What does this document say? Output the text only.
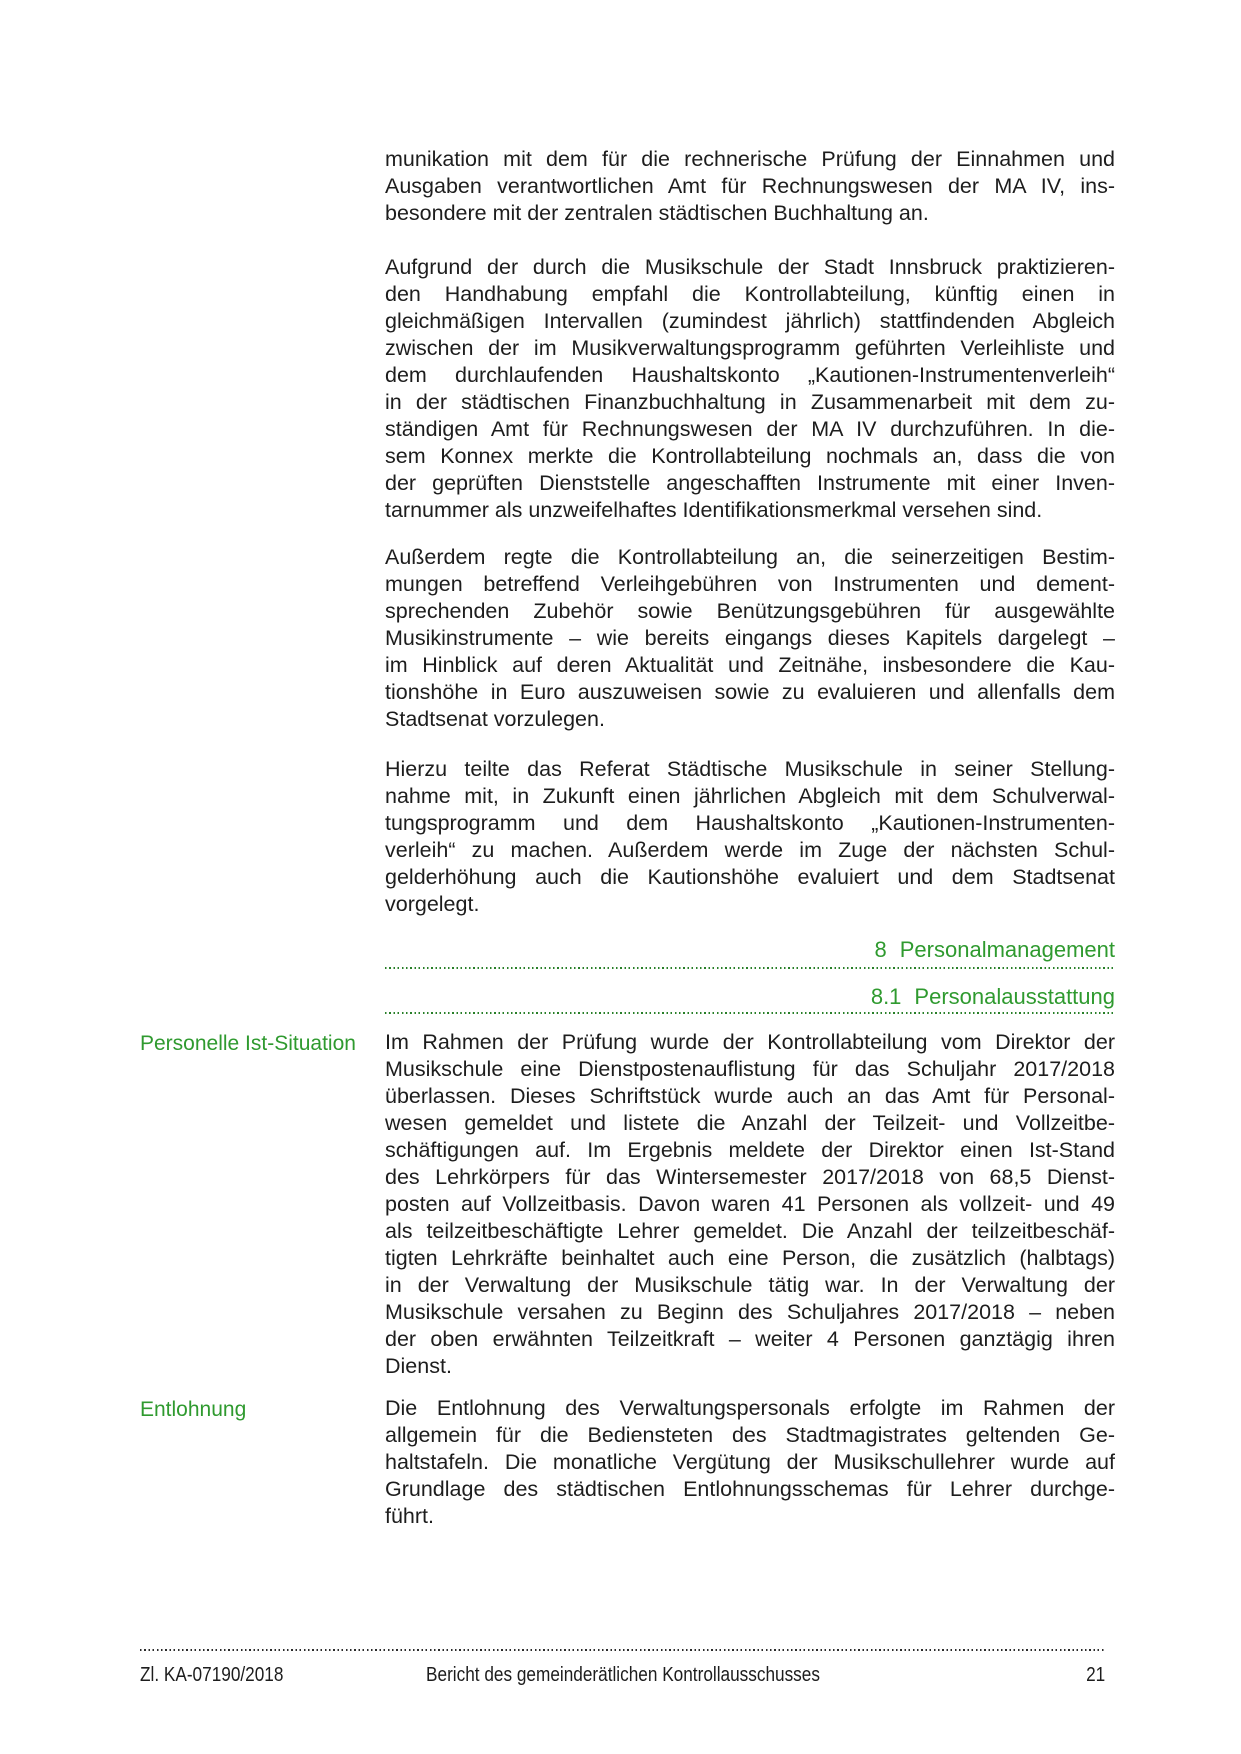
munikation mit dem für die rechnerische Prüfung der Einnahmen und
Ausgaben verantwortlichen Amt für Rechnungswesen der MA IV, ins-
besondere mit der zentralen städtischen Buchhaltung an.
Aufgrund der durch die Musikschule der Stadt Innsbruck praktizieren-
den Handhabung empfahl die Kontrollabteilung, künftig einen in
gleichmäßigen Intervallen (zumindest jährlich) stattfindenden Abgleich
zwischen der im Musikverwaltungsprogramm geführten Verleihliste und
dem durchlaufenden Haushaltskonto „Kautionen-Instrumentenverleih“
in der städtischen Finanzbuchhaltung in Zusammenarbeit mit dem zu-
ständigen Amt für Rechnungswesen der MA IV durchzuführen. In die-
sem Konnex merkte die Kontrollabteilung nochmals an, dass die von
der geprüften Dienststelle angeschafften Instrumente mit einer Inven-
tarnummer als unzweifelhaftes Identifikationsmerkmal versehen sind.
Außerdem regte die Kontrollabteilung an, die seinerzeitigen Bestim-
mungen betreffend Verleihgebühren von Instrumenten und dement-
sprechenden Zubehör sowie Benützungsgebühren für ausgewählte
Musikinstrumente – wie bereits eingangs dieses Kapitels dargelegt –
im Hinblick auf deren Aktualität und Zeitnähe, insbesondere die Kau-
tionshöhe in Euro auszuweisen sowie zu evaluieren und allenfalls dem
Stadtsenat vorzulegen.
Hierzu teilte das Referat Städtische Musikschule in seiner Stellung-
nahme mit, in Zukunft einen jährlichen Abgleich mit dem Schulverwal-
tungsprogramm und dem Haushaltskonto „Kautionen-Instrumenten-
verleih“ zu machen. Außerdem werde im Zuge der nächsten Schul-
gelderhöhung auch die Kautionshöhe evaluiert und dem Stadtsenat
vorgelegt.
8 Personalmanagement
8.1 Personalausstattung
Personelle Ist-Situation	Im Rahmen der Prüfung wurde der Kontrollabteilung vom Direktor der
Musikschule eine Dienstpostenauflistung für das Schuljahr 2017/2018
überlassen. Dieses Schriftstück wurde auch an das Amt für Personal-
wesen gemeldet und listete die Anzahl der Teilzeit- und Vollzeitbe-
schäftigungen auf. Im Ergebnis meldete der Direktor einen Ist-Stand
des Lehrkörpers für das Wintersemester 2017/2018 von 68,5 Dienst-
posten auf Vollzeitbasis. Davon waren 41 Personen als vollzeit- und 49
als teilzeitbeschäftigte Lehrer gemeldet. Die Anzahl der teilzeitbeschäf-
tigten Lehrkräfte beinhaltet auch eine Person, die zusätzlich (halbtags)
in der Verwaltung der Musikschule tätig war. In der Verwaltung der
Musikschule versahen zu Beginn des Schuljahres 2017/2018 – neben
der oben erwähnten Teilzeitkraft – weiter 4 Personen ganztägig ihren
Dienst.
Entlohnung	Die Entlohnung des Verwaltungspersonals erfolgte im Rahmen der
allgemein für die Bediensteten des Stadtmagistrates geltenden Ge-
haltstafeln. Die monatliche Vergütung der Musikschullehrer wurde auf
Grundlage des städtischen Entlohnungsschemas für Lehrer durchge-
führt.
Zl. KA-07190/2018	Bericht des gemeinderätlichen Kontrollausschusses	21
